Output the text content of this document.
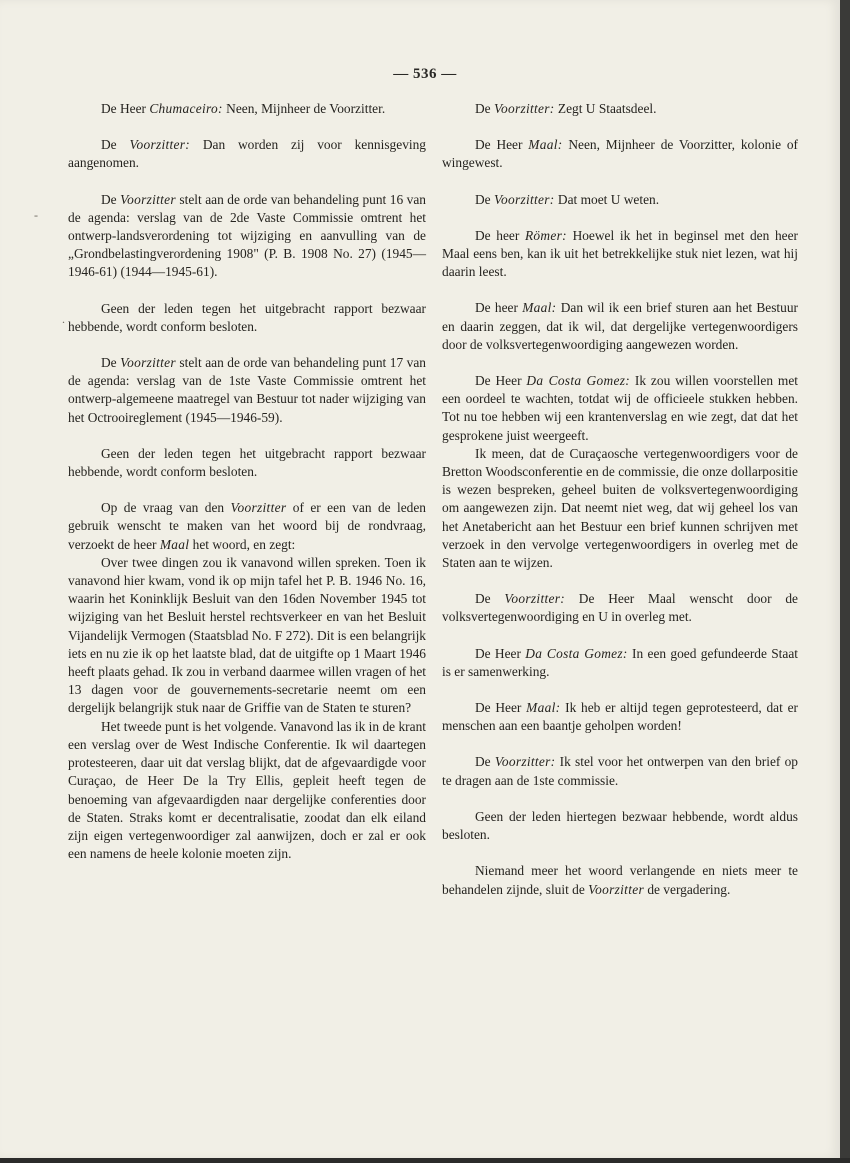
— 536 —
-
.

De Heer Chumaceiro: Neen, Mijnheer de Voorzitter.

De Voorzitter: Dan worden zij voor kennisgeving aangenomen.

De Voorzitter stelt aan de orde van behandeling punt 16 van de agenda: verslag van de 2de Vaste Commissie omtrent het ontwerp-landsverordening tot wijziging en aanvulling van de „Grondbelastingverordening 1908" (P. B. 1908 No. 27) (1945—1946-61) (1944—1945-61).

Geen der leden tegen het uitgebracht rapport bezwaar hebbende, wordt conform besloten.

De Voorzitter stelt aan de orde van behandeling punt 17 van de agenda: verslag van de 1ste Vaste Commissie omtrent het ontwerp-algemeene maatregel van Bestuur tot nader wijziging van het Octrooireglement (1945—1946-59).

Geen der leden tegen het uitgebracht rapport bezwaar hebbende, wordt conform besloten.

Op de vraag van den Voorzitter of er een van de leden gebruik wenscht te maken van het woord bij de rondvraag, verzoekt de heer Maal het woord, en zegt:

Over twee dingen zou ik vanavond willen spreken. Toen ik vanavond hier kwam, vond ik op mijn tafel het P. B. 1946 No. 16, waarin het Koninklijk Besluit van den 16den November 1945 tot wijziging van het Besluit herstel rechtsverkeer en van het Besluit Vijandelijk Vermogen (Staatsblad No. F 272). Dit is een belangrijk iets en nu zie ik op het laatste blad, dat de uitgifte op 1 Maart 1946 heeft plaats gehad. Ik zou in verband daarmee willen vragen of het 13 dagen voor de gouvernements-secretarie neemt om een dergelijk belangrijk stuk naar de Griffie van de Staten te sturen?

Het tweede punt is het volgende. Vanavond las ik in de krant een verslag over de West Indische Conferentie. Ik wil daartegen protesteeren, daar uit dat verslag blijkt, dat de afgevaardigde voor Curaçao, de Heer De la Try Ellis, gepleit heeft tegen de benoeming van afgevaardigden naar dergelijke conferenties door de Staten. Straks komt er decentralisatie, zoodat dan elk eiland zijn eigen vertegenwoordiger zal aanwijzen, doch er zal er ook een namens de heele kolonie moeten zijn.

De Voorzitter: Zegt U Staatsdeel.

De Heer Maal: Neen, Mijnheer de Voorzitter, kolonie of wingewest.

De Voorzitter: Dat moet U weten.

De heer Römer: Hoewel ik het in beginsel met den heer Maal eens ben, kan ik uit het betrekkelijke stuk niet lezen, wat hij daarin leest.

De heer Maal: Dan wil ik een brief sturen aan het Bestuur en daarin zeggen, dat ik wil, dat dergelijke vertegenwoordigers door de volksvertegenwoordiging aangewezen worden.

De Heer Da Costa Gomez: Ik zou willen voorstellen met een oordeel te wachten, totdat wij de officieele stukken hebben. Tot nu toe hebben wij een krantenverslag en wie zegt, dat dat het gesprokene juist weergeeft.

Ik meen, dat de Curaçaosche vertegenwoordigers voor de Bretton Woodsconferentie en de commissie, die onze dollarpositie is wezen bespreken, geheel buiten de volksvertegenwoordiging om aangewezen zijn. Dat neemt niet weg, dat wij geheel los van het Anetabericht aan het Bestuur een brief kunnen schrijven met verzoek in den vervolge vertegenwoordigers in overleg met de Staten aan te wijzen.

De Voorzitter: De Heer Maal wenscht door de volksvertegenwoordiging en U in overleg met.

De Heer Da Costa Gomez: In een goed gefundeerde Staat is er samenwerking.

De Heer Maal: Ik heb er altijd tegen geprotesteerd, dat er menschen aan een baantje geholpen worden!

De Voorzitter: Ik stel voor het ontwerpen van den brief op te dragen aan de 1ste commissie.

Geen der leden hiertegen bezwaar hebbende, wordt aldus besloten.

Niemand meer het woord verlangende en niets meer te behandelen zijnde, sluit de Voorzitter de vergadering.
